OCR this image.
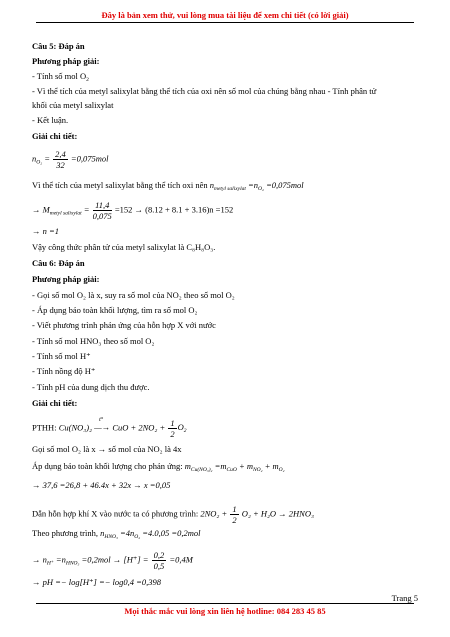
Đây là bản xem thử, vui lòng mua tài liệu để xem chi tiết (có lời giải)
Câu 5: Đáp án
Phương pháp giải:
- Tính số mol $O_2$
- Vì thể tích của metyl salixylat bằng thể tích của oxi nên số mol của chúng bằng nhau - Tính phân tử
khối của metyl salixylat
- Kết luận.
Giải chi tiết:
$n_{O_2} = \frac{2,4}{32} =0,075mol$
Vì thể tích của metyl salixylat bằng thể tích oxi nên $n_{metyl salixylat} =n_{O_2} =0,075mol$
→ $M_{metyl salixylat} = \frac{11,4}{0,075} =152 \to (8.12 + 8.1 + 3.16)n =152$
→ n =1
Vậy công thức phân tử của metyl salixylat là C₈H₈O₃.
Câu 6: Đáp án
Phương pháp giải:
- Gọi số mol O₂ là x, suy ra số mol của NO₂ theo số mol O₂
- Áp dụng bảo toàn khối lượng, tìm ra số mol O₂
- Viết phương trình phản ứng của hỗn hợp X với nước
- Tính số mol HNO₃ theo số mol O₂
- Tính số mol H⁺
- Tính nồng độ H⁺
- Tính pH của dung dịch thu được.
Giải chi tiết:
PTHH: Cu(NO₃)₂ —
t°
→ CuO + $2NO_2 + \frac{1}{2} O_2$
Gọi số mol O₂ là x → số mol của NO₂ là 4x
Áp dụng bảo toàn khối lượng cho phản ứng: $m_{Cu(NO_3)_2} =m_{CuO} + m_{NO_2} + m_{O_2}$
→ 37,6 =26,8 + 46.4x + 32x → x =0,05
Dẫn hỗn hợp khí X vào nước ta có phương trình: $2NO_2 + \frac{1}{2} O_2 + H_2O \to 2HNO_3$
Theo phương trình, $n_{HNO_3} =4n_{O_2} =4.0,05 =0,2mol$
→ $n_{H^+} =n_{HNO_3} =0,2mol \to [H^+] = \frac{0,2}{0,5} =0,4M$
→ pH =− log[H⁺] =− log0,4 =0,398
Trang 5
Mọi thắc mắc vui lòng xin liên hệ hotline: 084 283 45 85
